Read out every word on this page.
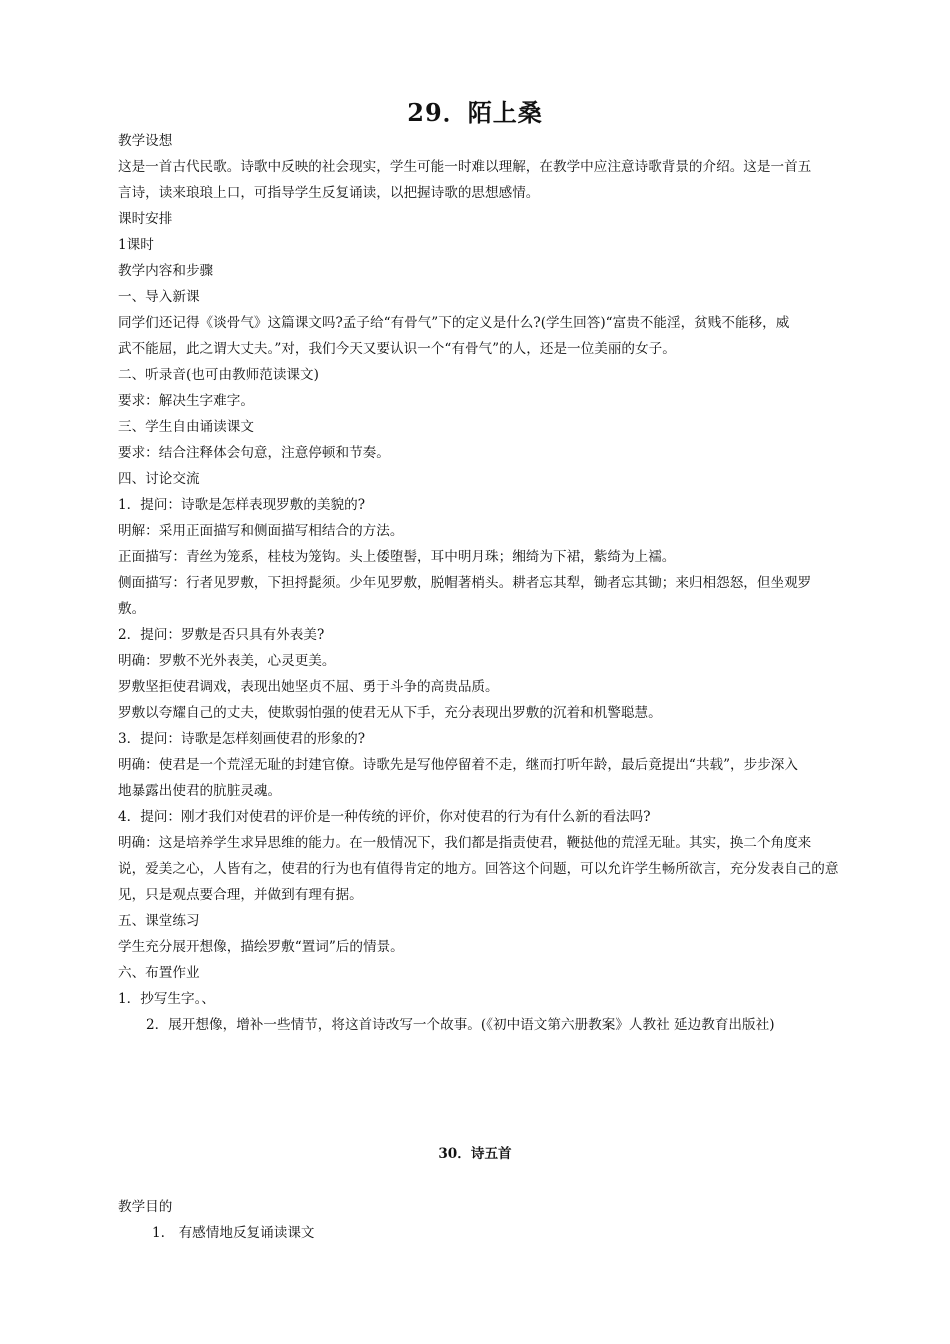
29．陌上桑

教学设想

这是一首古代民歌。诗歌中反映的社会现实，学生可能一时难以理解，在教学中应注意诗歌背景的介绍。这是一首五

言诗，读来琅琅上口，可指导学生反复诵读，以把握诗歌的思想感情。

课时安排

1课时

教学内容和步骤

一、导入新课

同学们还记得《谈骨气》这篇课文吗?孟子给“有骨气”下的定义是什么?(学生回答)“富贵不能淫，贫贱不能移，威

武不能屈，此之谓大丈夫。”对，我们今天又要认识一个“有骨气”的人，还是一位美丽的女子。

二、听录音(也可由教师范读课文)

要求：解决生字难字。

三、学生自由诵读课文

要求：结合注释体会句意，注意停顿和节奏。

四、讨论交流

1．提问：诗歌是怎样表现罗敷的美貌的?

明解：采用正面描写和侧面描写相结合的方法。

正面描写：青丝为笼系，桂枝为笼钩。头上倭堕髻，耳中明月珠；缃绮为下裙，紫绮为上襦。

侧面描写：行者见罗敷，下担捋髭须。少年见罗敷，脱帽著梢头。耕者忘其犁，锄者忘其锄；来归相怨怒，但坐观罗

敷。

2．提问：罗敷是否只具有外表美?

明确：罗敷不光外表美，心灵更美。

罗敷坚拒使君调戏，表现出她坚贞不屈、勇于斗争的高贵品质。

罗敷以夸耀自己的丈夫，使欺弱怕强的使君无从下手，充分表现出罗敷的沉着和机警聪慧。

3．提问：诗歌是怎样刻画使君的形象的?

明确：使君是一个荒淫无耻的封建官僚。诗歌先是写他停留着不走，继而打听年龄，最后竟提出“共载”，步步深入

地暴露出使君的肮脏灵魂。

4．提问：刚才我们对使君的评价是一种传统的评价，你对使君的行为有什么新的看法吗?

明确：这是培养学生求异思维的能力。在一般情况下，我们都是指责使君，鞭挞他的荒淫无耻。其实，换二个角度来

说，爱美之心，人皆有之，使君的行为也有值得肯定的地方。回答这个问题，可以允许学生畅所欲言，充分发表自己的意

见，只是观点要合理，并做到有理有据。

五、课堂练习

学生充分展开想像，描绘罗敷“置词”后的情景。

六、布置作业

1．抄写生字。、

2．展开想像，增补一些情节，将这首诗改写一个故事。(《初中语文第六册教案》人教社 延边教育出版社)

30．诗五首

教学目的

1.　有感情地反复诵读课文
